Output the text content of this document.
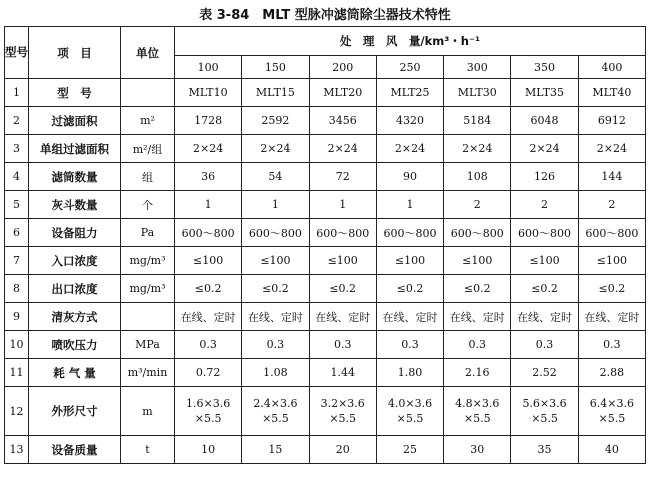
表 3-84　MLT 型脉冲滤筒除尘器技术特性
型号	项　目	单位	处　理　风　量/km³・h⁻¹						
			100	150	200	250	300	350	400
1	型　号		MLT10	MLT15	MLT20	MLT25	MLT30	MLT35	MLT40
2	过滤面积	m²	1728	2592	3456	4320	5184	6048	6912
3	单组过滤面积	m²/组	2×24	2×24	2×24	2×24	2×24	2×24	2×24
4	滤筒数量	组	36	54	72	90	108	126	144
5	灰斗数量	个	1	1	1	1	2	2	2
6	设备阻力	Pa	600～800	600～800	600～800	600～800	600～800	600～800	600～800
7	入口浓度	mg/m³	≤100	≤100	≤100	≤100	≤100	≤100	≤100
8	出口浓度	mg/m³	≤0.2	≤0.2	≤0.2	≤0.2	≤0.2	≤0.2	≤0.2
9	清灰方式		在线、定时	在线、定时	在线、定时	在线、定时	在线、定时	在线、定时	在线、定时
10	喷吹压力	MPa	0.3	0.3	0.3	0.3	0.3	0.3	0.3
11	耗 气 量	m³/min	0.72	1.08	1.44	1.80	2.16	2.52	2.88
12	外形尺寸	m	1.6×3.6 ×5.5	2.4×3.6 ×5.5	3.2×3.6 ×5.5	4.0×3.6 ×5.5	4.8×3.6 ×5.5	5.6×3.6 ×5.5	6.4×3.6 ×5.5
13	设备质量	t	10	15	20	25	30	35	40
